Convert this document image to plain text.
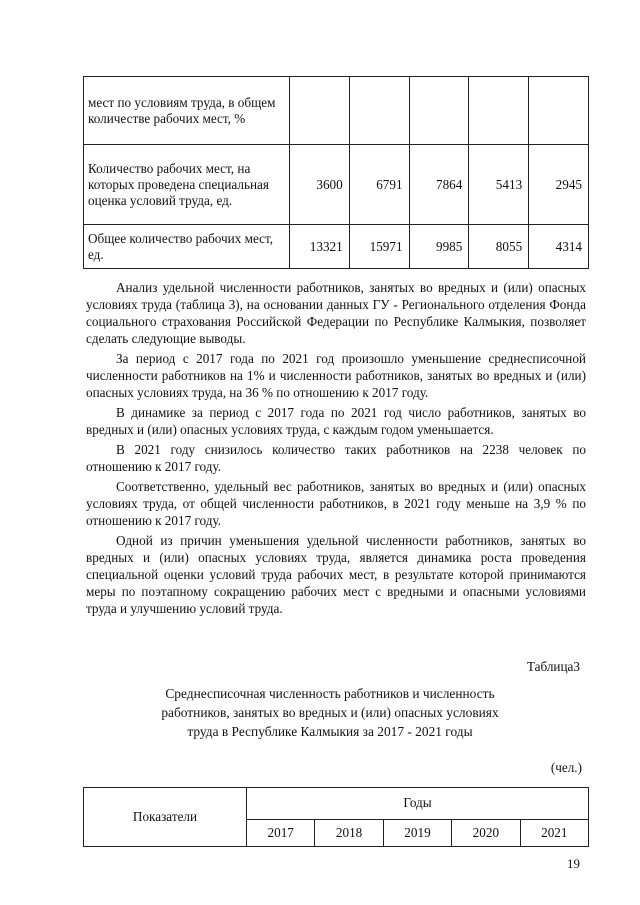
мест по условиям труда, в общем количестве рабочих мест, %					
Количество рабочих мест, на которых проведена специальная оценка условий труда, ед.	3600	6791	7864	5413	2945
Общее количество рабочих мест, ед.	13321	15971	9985	8055	4314

Анализ удельной численности работников, занятых во вредных и (или) опасных условиях труда (таблица 3), на основании данных ГУ - Регионального отделения Фонда социального страхования Российской Федерации по Республике Калмыкия, позволяет сделать следующие выводы.

За период с 2017 года по 2021 год произошло уменьшение среднесписочной численности работников на 1% и численности работников, занятых во вредных и (или) опасных условиях труда, на 36 % по отношению к 2017 году.

В динамике за период с 2017 года по 2021 год число работников, занятых во вредных и (или) опасных условиях труда, с каждым годом уменьшается.

В 2021 году снизилось количество таких работников на 2238 человек по отношению к 2017 году.

Соответственно, удельный вес работников, занятых во вредных и (или) опасных условиях труда, от общей численности работников, в 2021 году меньше на 3,9 % по отношению к 2017 году.

Одной из причин уменьшения удельной численности работников, занятых во вредных и (или) опасных условиях труда, является динамика роста проведения специальной оценки условий труда рабочих мест, в результате которой принимаются меры по поэтапному сокращению рабочих мест с вредными и опасными условиями труда и улучшению условий труда.

Таблица3
Среднесписочная численность работников и численность
работников, занятых во вредных и (или) опасных условиях
труда в Республике Калмыкия за 2017 - 2021 годы
(чел.)
Показатели	Годы				
	2017	2018	2019	2020	2021
19
